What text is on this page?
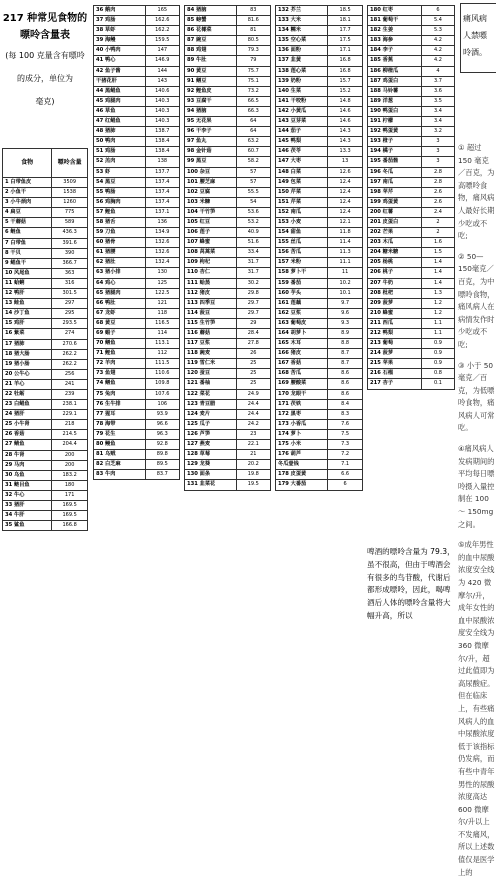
217 种常见食物的嘌呤含量表

(每 100 克量含有嘌呤

的成分，单位为

毫克)

食物	嘌呤含量
1 白带鱼皮	3509
2 小鱼干	1538
3 小牛颈肉	1260
4 扁豆	775
5 干蘑菇	589
6 鲢鱼	436.3
7 白带鱼	391.6
8 干贝	390
9 鲳鱼干	366.7
10 风尾鱼	363
11 蛤蜊	316
12 鸭肝	301.5
13 鲑鱼	297
14 沙丁鱼	295
15 鸡肝	293.5
16 紫菜	274
17 猪肺	270.6
18 猪大肠	262.2
19 猪小肠	262.2
20 公牛心	256
21 羊心	241
22 牡蛎	239
23 白鲳鱼	238.1
24 猪肝	229.1
25 小牛肾	218
26 香菇	214.5
27 鲭鱼	204.4
28 牛肾	200
29 马肉	200
30 乌鱼	183.2
31 鲢目鱼	180
32 牛心	171
33 猪肝	169.5
34 牛肝	169.5
35 鲨鱼	166.8
36 鹅肉	165
37 鸡肠	162.6
38 草虾	162.2
39 海鳗	159.5
40 小鸭肉	147
41 鸭心	146.9
42 鱼子酱	144
干猪花肝	143
44 黑鲳鱼	140.6
45 鸡腿肉	140.3
46 草鱼	140.3
47 红鲳鱼	140.3
48 猪肺	138.7
50 鸭肉	138.4
51 鸡肠	138.4
52 羔肉	138
53 虾	137.7
54 黑豆	137.4
55 鸭肠	137.4
56 鸡胸肉	137.4
57 鲤鱼	137.1
58 猪舌	136
59 刀鱼	134.9
60 猪骨	132.6
61 猪腰	132.6
62 猪肚	132.4
63 猪小排	130
64 鸡心	125
65 猪腿肉	122.5
66 鸭肚	121
67 龙虾	118
68 黄豆	116.5
69 蝦子	114
70 鳝鱼	113.1
71 鲤鱼	112
72 羊肉	111.5
73 鱼翅	110.6
74 鳝鱼	109.8
75 兔肉	107.6
76 生牛排	106
77 猩耳	93.9
78 海带	96.6
79 花生	96.3
80 鳗鱼	92.8
81 乌贼	89.8
82 白芝麻	89.5
83 牛肉	83.7
84 猪脑	83
85 螃蟹	81.6
86 花椰菜	81
87 豌豆	80.5
88 鸡翅	79.3
89 牛肚	79
90 黄豆	75.7
91 鳝豆	75.1
92 鲤鱼皮	73.2
93 豆腐干	66.5
94 猪脑	66.3
95 无花果	64
96 干李子	64
97 鱼丸	63.2
98 金针菇	60.7
99 黑豆	58.2
100 杂豆	57
101 腰芝麻	57
102 豆腐	55.5
103 米糠	54
104 干竹笋	53.6
105 红豆	53.2
106 莲子	40.9
107 蜂蜜	51.6
108 莴蒿菜	33.4
109 枸杞	31.7
110 杏仁	31.7
111 蛤蒸	30.2
112 猪皮	29.8
113 四季豆	29.7
114 菠豆	29.7
115 生竹笋	29
116 蘑菇	28.4
117 豆浆	27.8
118 豌麦	26
119 雪仁米	25
120 蚕豆	25
121 番柚	25
122 菜花	24.9
123 青豆腊	24.4
124 麦片	24.4
125 瓜子	24.2
126 芦笋	23
127 燕麦	22.1
128 草莓	21
129 龙葵	20.2
130 面条	19.8
131 韭菜花	19.5
132 芥兰	18.5
133 大米	18.1
134 糯米	17.7
135 空心菜	17.5
136 面粉	17.1
137 韭黄	16.8
138 莲心菜	16.8
139 奶粉	15.7
140 生菜	15.2
141 干咬粉	14.8
142 小黄瓜	14.6
143 豆芽菜	14.6
144 茄子	14.3
145 鸭梨	14.3
146 茯苓	13.3
147 大枣	13
148 白菜	12.6
149 包菜	12.4
150 芹菜	12.4
151 芹菜	12.4
152 南瓜	12.4
153 小麦	12.1
154 甜鱼	11.8
155 丝瓜	11.4
156 苦瓜	11.3
157 米粉	11.1
158 萝卜干	11
159 番茄	10.2
160 芋头	10.1
161 莲藕	9.7
162 豆浆	9.6
163 葡萄皮	9.3
164 胡萝卜	8.9
165 木耳	8.8
166 猪皮	8.7
167 香菇	8.7
168 苦瓜	8.6
169 腰酸菜	8.6
170 龙眼干	8.6
171 茯铁	8.4
172 黑枣	8.3
173 小香瓜	7.6
174 萝卜	7.5
175 小米	7.3
176 葫芦	7.2
冬瓜壹钱	7.1
178 皮蛋黄	6.6
179 大番茄	6
180 红枣	6
181 葡萄干	5.4
182 生姜	5.3
183 海参	4.2
184 李子	4.2
185 香蕉	4.2
186 柳橙瓜	4
187 鸡蛋白	3.7
188 马铃薯	3.6
189 洋葱	3.5
190 鸭蛋白	3.4
191 柠檬	3.4
192 鸭蛋黄	3.2
193 橙子	3
194 橘子	3
195 番茄酱	3
196 冬瓜	2.8
197 南瓜	2.8
198 苹芹	2.6
199 鸡蛋黄	2.6
200 红薯	2.4
201 皮蛋白	2
202 芒果	2
203 木瓜	1.6
204 糖米糖	1.5
205 杨桃	1.4
206 桃子	1.4
207 牛奶	1.4
208 枇杷	1.3
209 菠萝	1.2
210 蜂蜜	1.2
211 西瓜	1.1
212 鸭梨	1.1
213 葡萄	0.9
214 菠萝	0.9
215 苹果	0.9
216 石榴	0.8
217 杏子	0.1
痛风病人禁嘌呤酒。

① 超过 150 毫克／百克，为高嘌呤食物，痛风病人最好长期少吃或不吃;

② 50—150毫克／百克，为中嘌呤食物，痛风病人在病情发作时少吃或不吃;

③ 小于 50 毫克／百克，为低嘌呤食物，痛风病人可常吃。

④痛风病人发病期间的平均每日嘌呤摄入量控制在 100 ～ 150mg之间。

⑤成年男性的血中尿酸浓度安全线为 420 微摩尔/升，成年女性的血中尿酸浓度安全线为 360 微摩尔/升，超过此值即为高尿酸症。但在临床上，有些痛风病人的血中尿酸浓度低于该指标仍发病，而有些中青年男性的尿酸浓度高达 600 微摩尔/升以上不发痛风，所以上述数值仅是医学上的

啤酒的嘌呤含量为 79.3，虽不很高，但由于啤酒会有很多的鸟苷酸，代谢后都形成嘌呤，因此，喝啤酒后人体的嘌呤含量将大幅升高，所以
